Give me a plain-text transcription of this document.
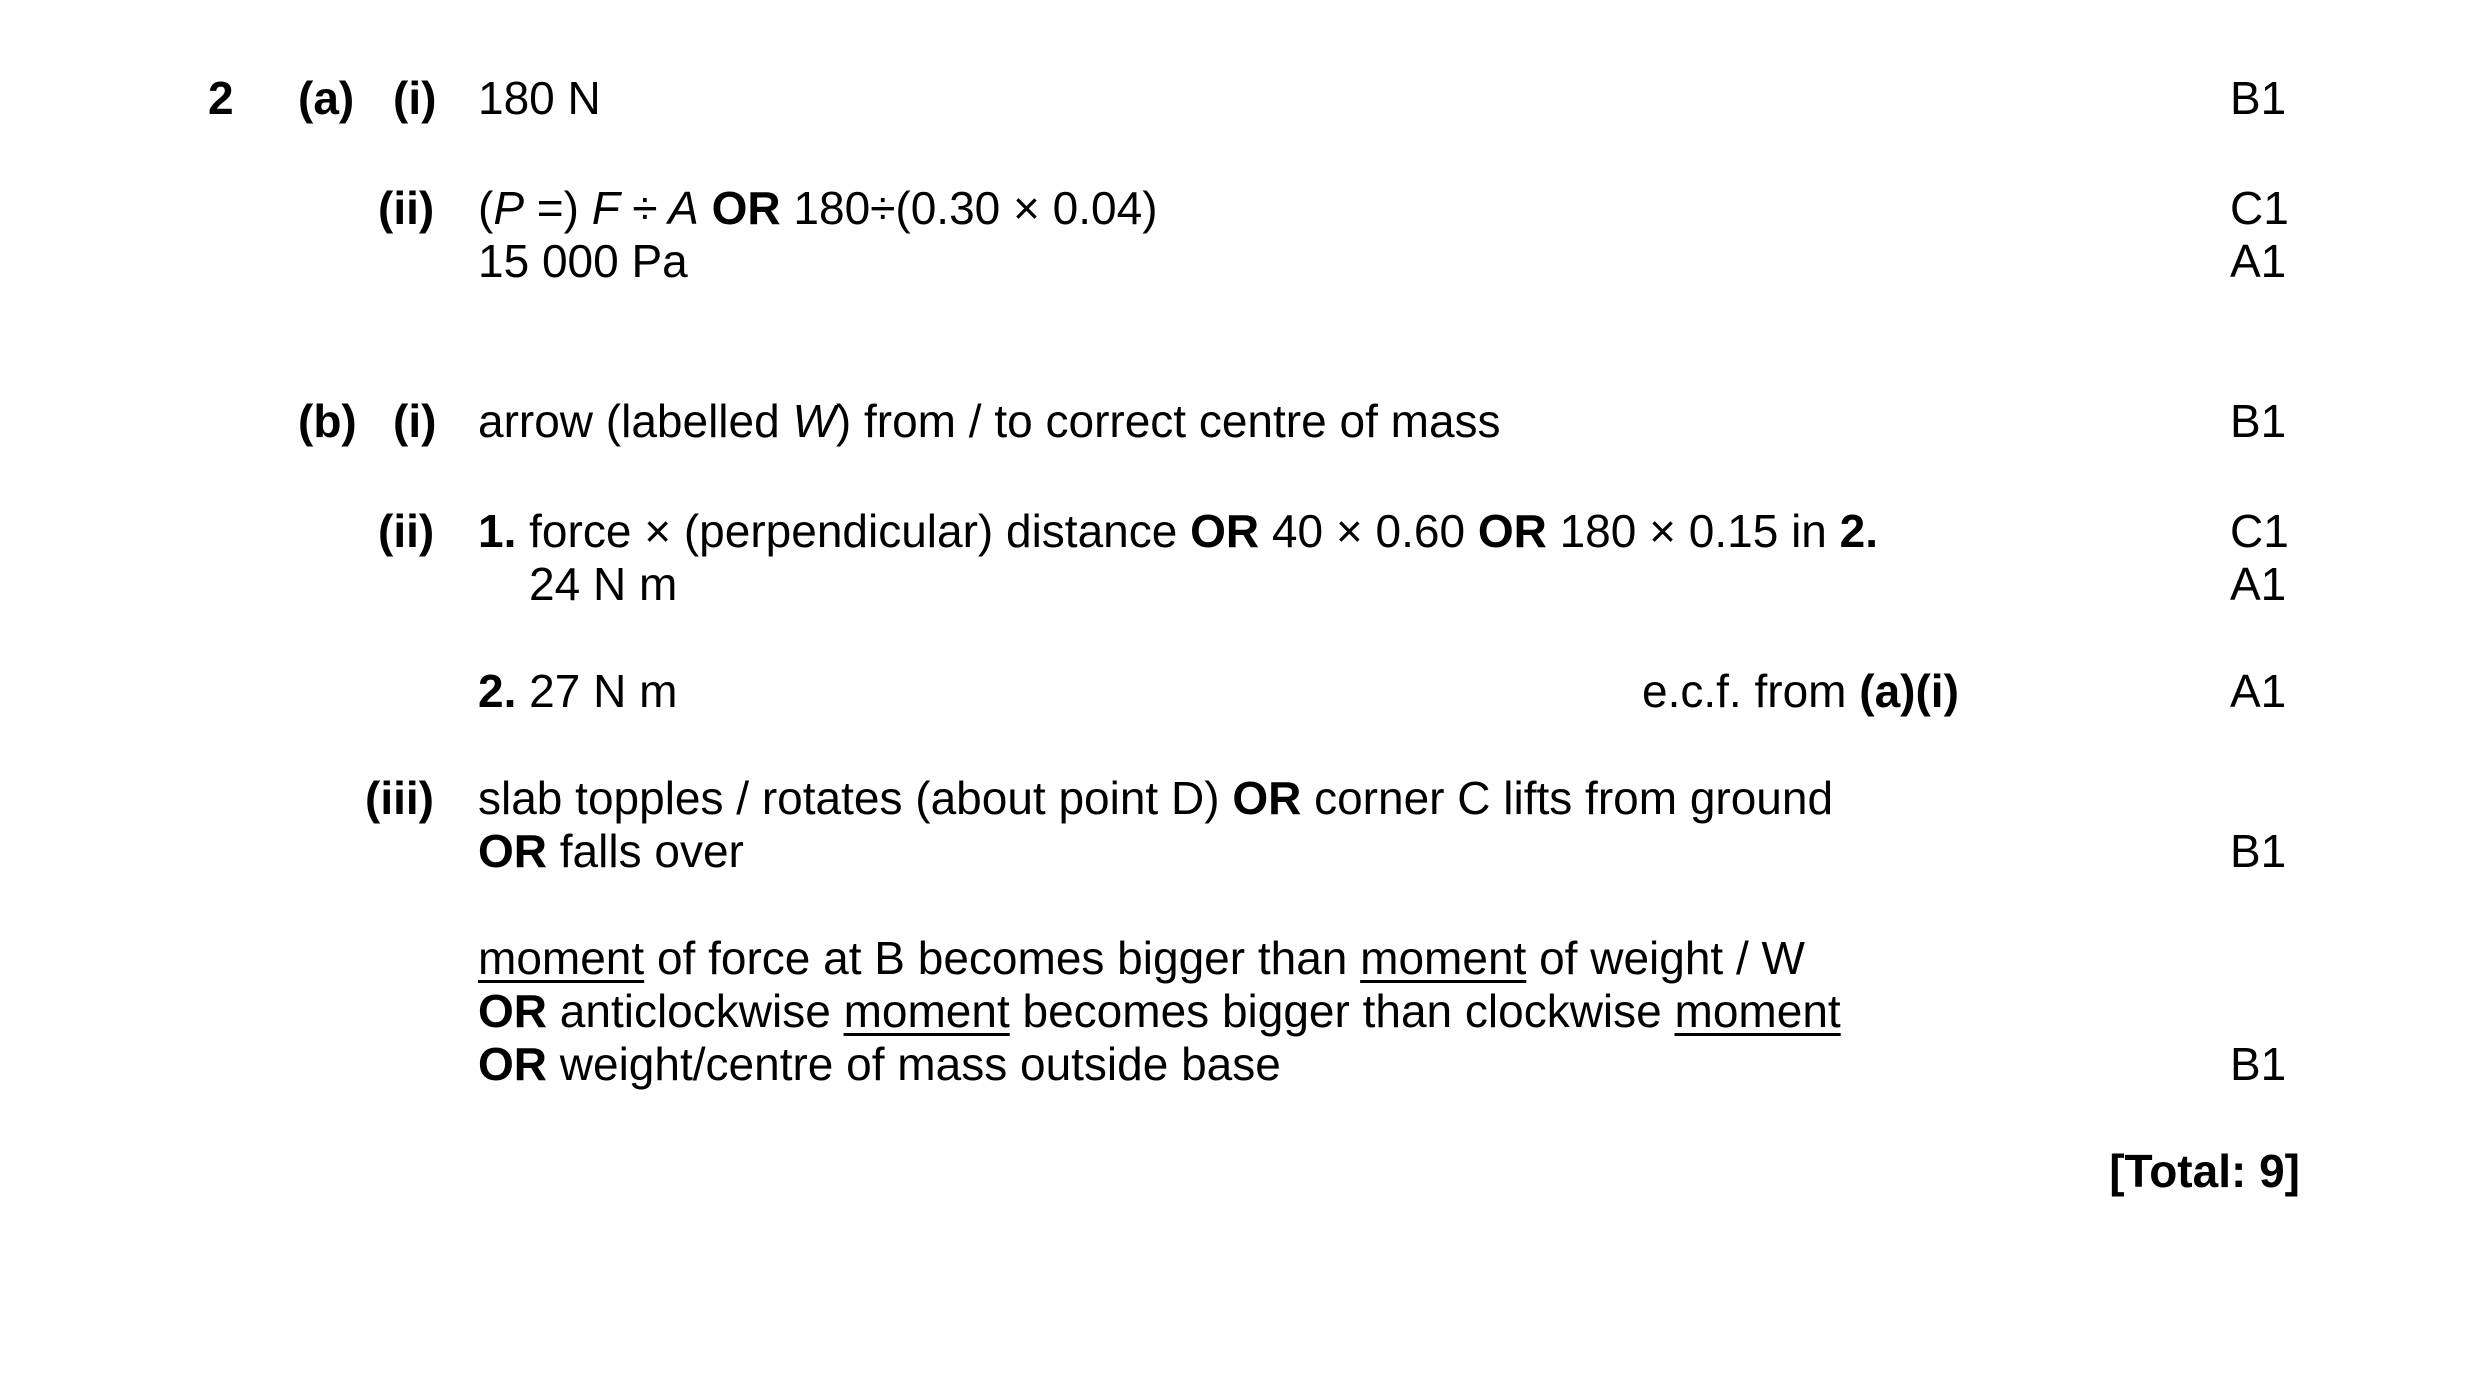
2 (a) (i) 180 N	B1
(ii) (P =) F ÷ A OR 180÷(0.30 × 0.04)	C1
15 000 Pa	A1
(b) (i) arrow (labelled W) from / to correct centre of mass	B1
(ii) 1. force × (perpendicular) distance OR 40 × 0.60 OR 180 × 0.15 in 2.	C1
24 N m	A1
2. 27 N m	e.c.f. from (a)(i)	A1
(iii) slab topples / rotates (about point D) OR corner C lifts from ground
OR falls over	B1
moment of force at B becomes bigger than moment of weight / W
OR anticlockwise moment becomes bigger than clockwise moment
OR weight/centre of mass outside base	B1
[Total: 9]
